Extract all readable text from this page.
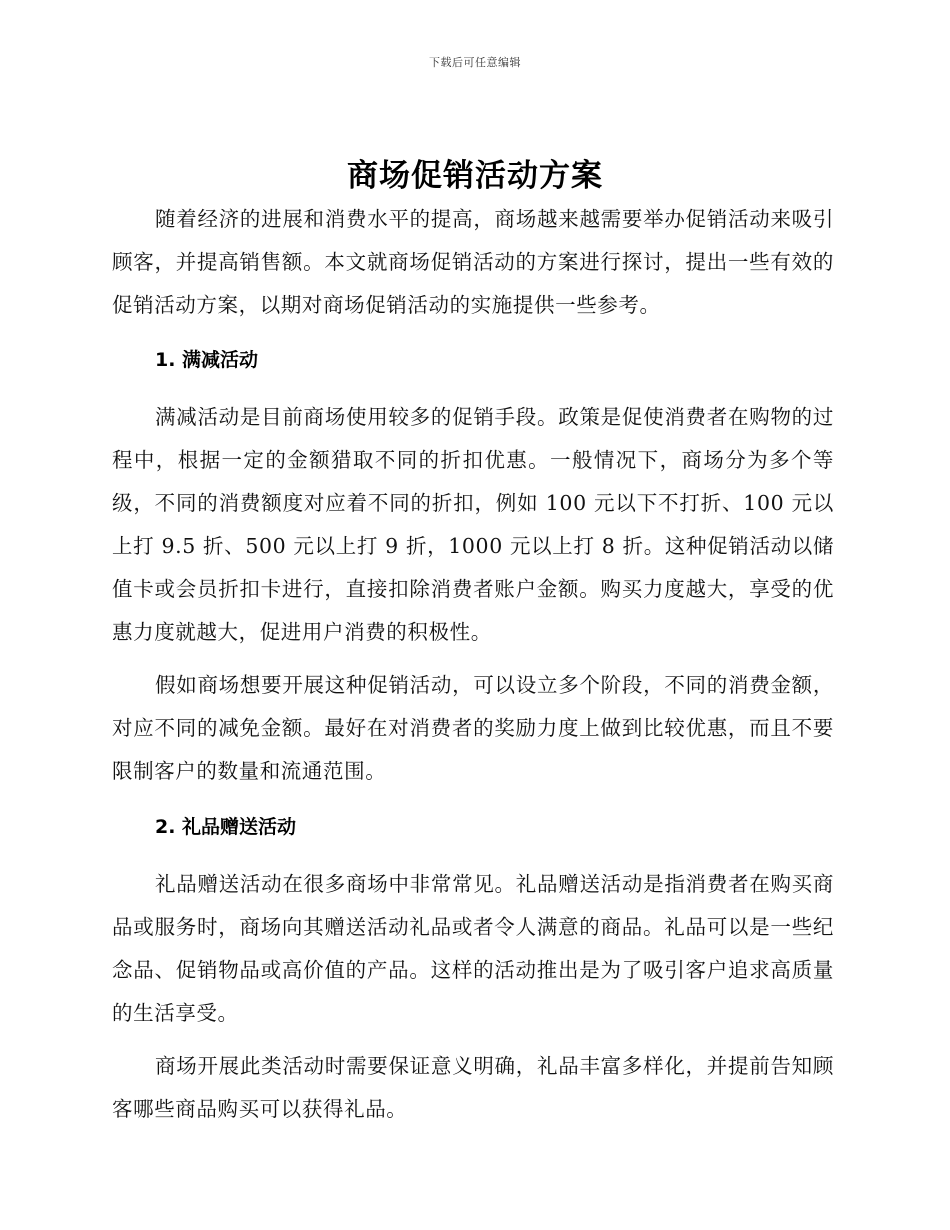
下载后可任意编辑
商场促销活动方案

随着经济的进展和消费水平的提高，商场越来越需要举办促销活动来吸引顾客，并提高销售额。本文就商场促销活动的方案进行探讨，提出一些有效的促销活动方案，以期对商场促销活动的实施提供一些参考。

1. 满减活动

满减活动是目前商场使用较多的促销手段。政策是促使消费者在购物的过程中，根据一定的金额猎取不同的折扣优惠。一般情况下，商场分为多个等级，不同的消费额度对应着不同的折扣，例如 100 元以下不打折、100 元以上打 9.5 折、500 元以上打 9 折，1000 元以上打 8 折。这种促销活动以储值卡或会员折扣卡进行，直接扣除消费者账户金额。购买力度越大，享受的优惠力度就越大，促进用户消费的积极性。

假如商场想要开展这种促销活动，可以设立多个阶段，不同的消费金额，对应不同的减免金额。最好在对消费者的奖励力度上做到比较优惠，而且不要限制客户的数量和流通范围。

2. 礼品赠送活动

礼品赠送活动在很多商场中非常常见。礼品赠送活动是指消费者在购买商品或服务时，商场向其赠送活动礼品或者令人满意的商品。礼品可以是一些纪念品、促销物品或高价值的产品。这样的活动推出是为了吸引客户追求高质量的生活享受。

商场开展此类活动时需要保证意义明确，礼品丰富多样化，并提前告知顾客哪些商品购买可以获得礼品。
